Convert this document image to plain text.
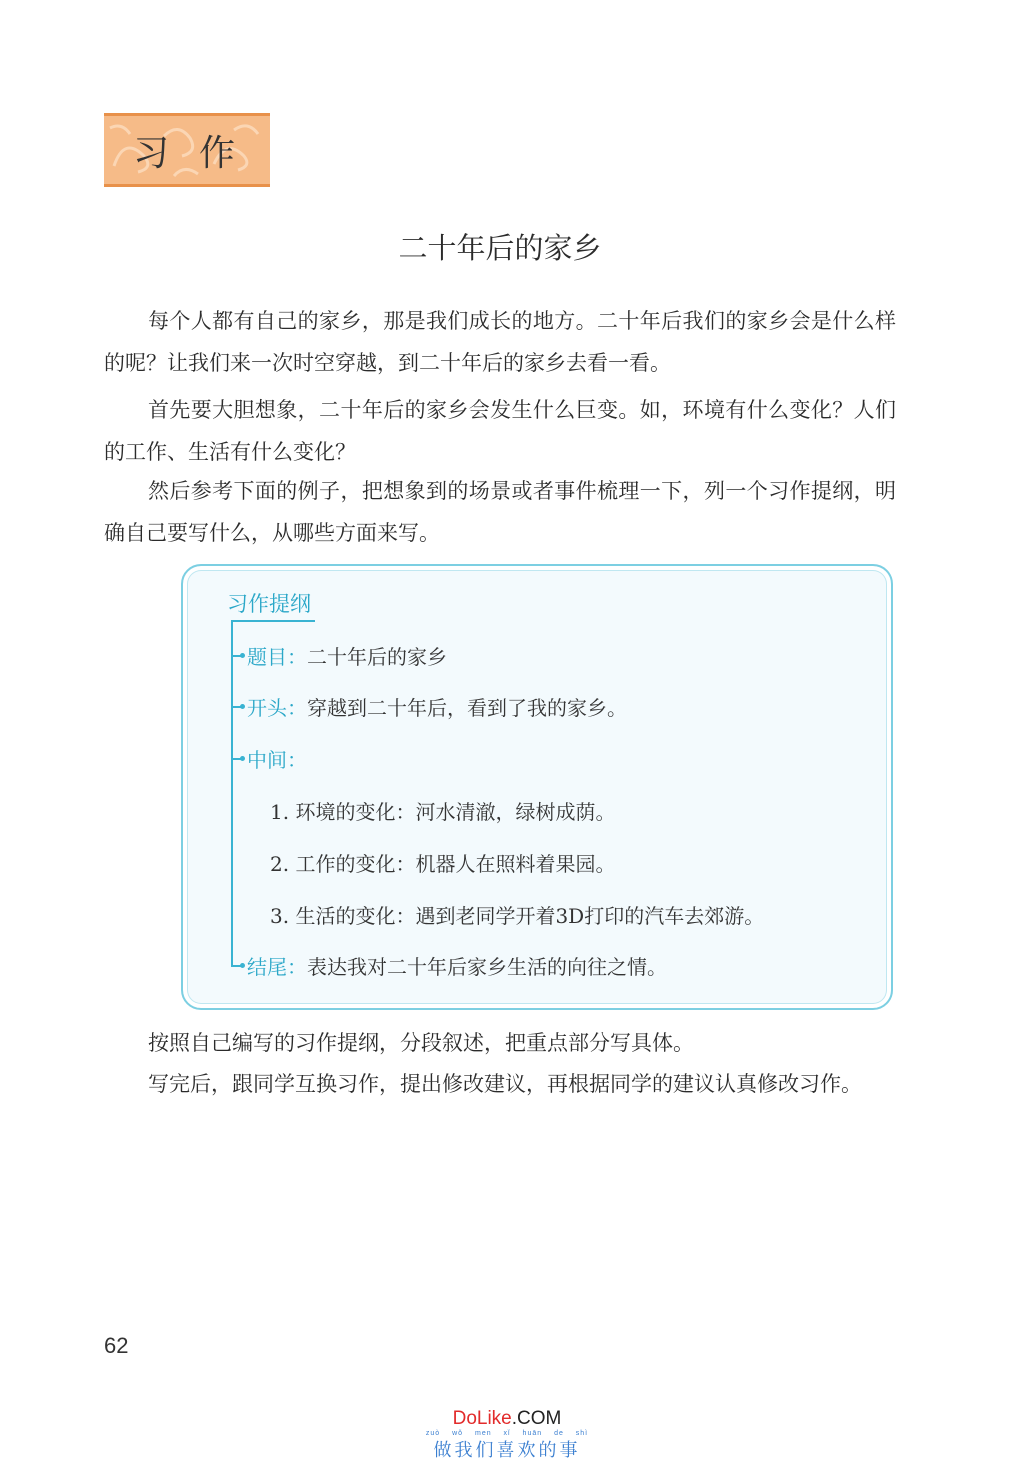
习作
二十年后的家乡

每个人都有自己的家乡，那是我们成长的地方。二十年后我们的家乡会是什么样的呢？让我们来一次时空穿越，到二十年后的家乡去看一看。

首先要大胆想象，二十年后的家乡会发生什么巨变。如，环境有什么变化？人们的工作、生活有什么变化？

然后参考下面的例子，把想象到的场景或者事件梳理一下，列一个习作提纲，明确自己要写什么，从哪些方面来写。

习作提纲
题目： 二十年后的家乡
开头： 穿越到二十年后，看到了我的家乡。
中间：
1. 环境的变化：河水清澈，绿树成荫。
2. 工作的变化：机器人在照料着果园。
3. 生活的变化：遇到老同学开着3D打印的汽车去郊游。
结尾： 表达我对二十年后家乡生活的向往之情。

按照自己编写的习作提纲，分段叙述，把重点部分写具体。

写完后，跟同学互换习作，提出修改建议，再根据同学的建议认真修改习作。

62
DoLike.COM
zuò wǒ men xǐ huān de shì
做我们喜欢的事
